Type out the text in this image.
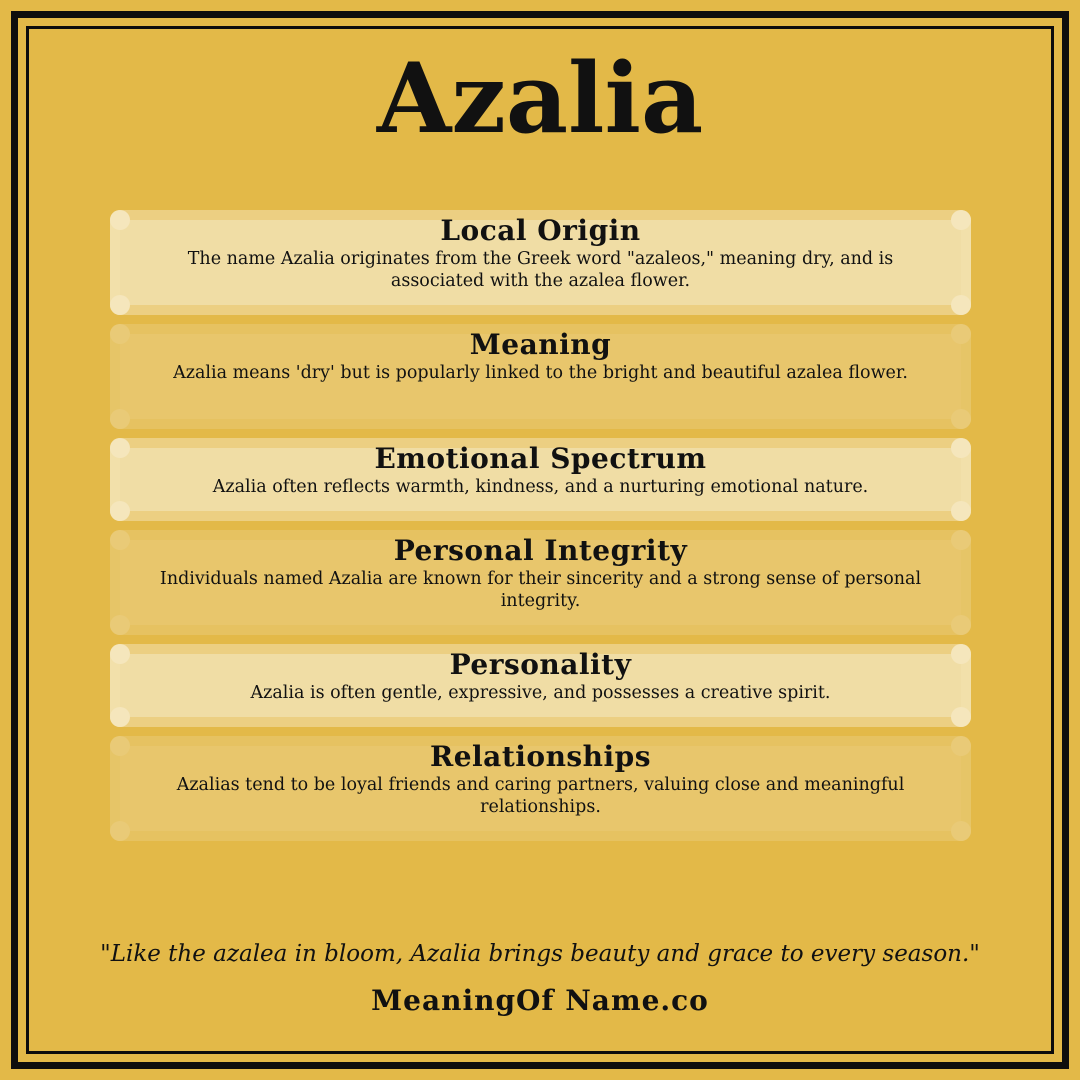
Azalia
Local Origin

The name Azalia originates from the Greek word "azaleos," meaning dry, and is associated with the azalea flower.

Meaning

Azalia means 'dry' but is popularly linked to the bright and beautiful azalea flower.

Emotional Spectrum

Azalia often reflects warmth, kindness, and a nurturing emotional nature.

Personal Integrity

Individuals named Azalia are known for their sincerity and a strong sense of personal integrity.

Personality

Azalia is often gentle, expressive, and possesses a creative spirit.

Relationships

Azalias tend to be loyal friends and caring partners, valuing close and meaningful relationships.

"Like the azalea in bloom, Azalia brings beauty and grace to every season."
MeaningOf Name.co
